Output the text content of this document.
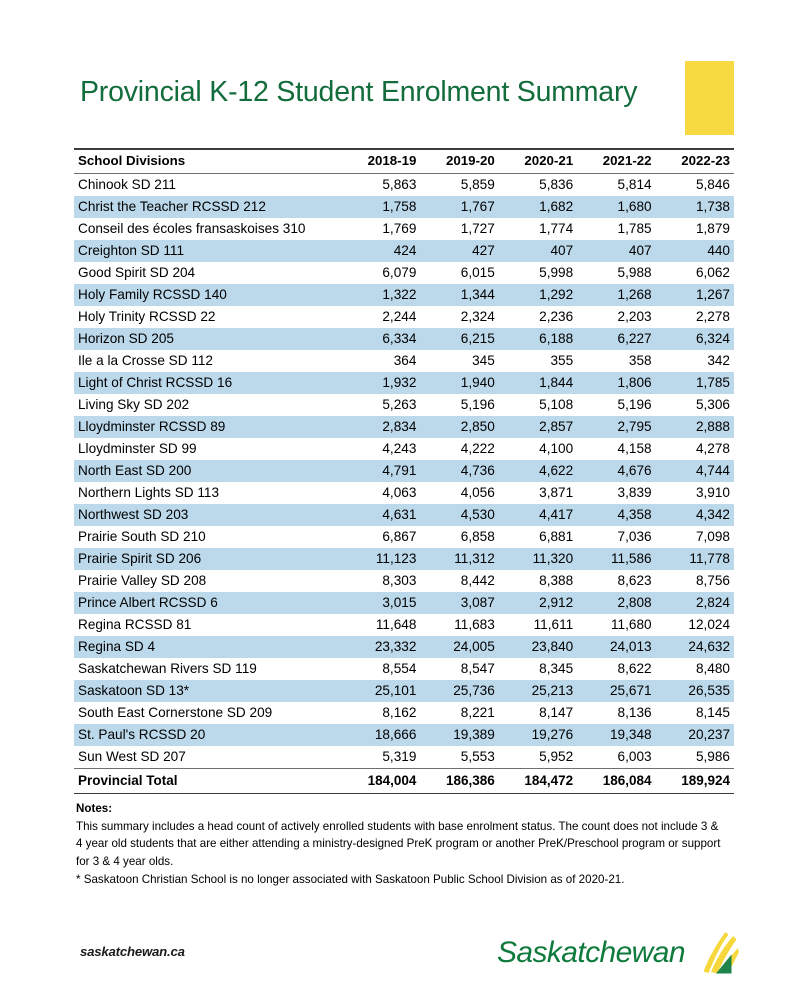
Provincial K-12 Student Enrolment Summary
School Divisions	2018-19	2019-20	2020-21	2021-22	2022-23
Chinook SD 211	5,863	5,859	5,836	5,814	5,846
Christ the Teacher RCSSD 212	1,758	1,767	1,682	1,680	1,738
Conseil des écoles fransaskoises 310	1,769	1,727	1,774	1,785	1,879
Creighton SD 111	424	427	407	407	440
Good Spirit SD 204	6,079	6,015	5,998	5,988	6,062
Holy Family RCSSD 140	1,322	1,344	1,292	1,268	1,267
Holy Trinity RCSSD 22	2,244	2,324	2,236	2,203	2,278
Horizon SD 205	6,334	6,215	6,188	6,227	6,324
Ile a la Crosse SD 112	364	345	355	358	342
Light of Christ RCSSD 16	1,932	1,940	1,844	1,806	1,785
Living Sky SD 202	5,263	5,196	5,108	5,196	5,306
Lloydminster RCSSD 89	2,834	2,850	2,857	2,795	2,888
Lloydminster SD 99	4,243	4,222	4,100	4,158	4,278
North East SD 200	4,791	4,736	4,622	4,676	4,744
Northern Lights SD 113	4,063	4,056	3,871	3,839	3,910
Northwest SD 203	4,631	4,530	4,417	4,358	4,342
Prairie South SD 210	6,867	6,858	6,881	7,036	7,098
Prairie Spirit SD 206	11,123	11,312	11,320	11,586	11,778
Prairie Valley SD 208	8,303	8,442	8,388	8,623	8,756
Prince Albert RCSSD 6	3,015	3,087	2,912	2,808	2,824
Regina RCSSD 81	11,648	11,683	11,611	11,680	12,024
Regina SD 4	23,332	24,005	23,840	24,013	24,632
Saskatchewan Rivers SD 119	8,554	8,547	8,345	8,622	8,480
Saskatoon SD 13*	25,101	25,736	25,213	25,671	26,535
South East Cornerstone SD 209	8,162	8,221	8,147	8,136	8,145
St. Paul's RCSSD 20	18,666	19,389	19,276	19,348	20,237
Sun West SD 207	5,319	5,553	5,952	6,003	5,986
Provincial Total	184,004	186,386	184,472	186,084	189,924
Notes:

This summary includes a head count of actively enrolled students with base enrolment status. The count does not include 3 & 4 year old students that are either attending a ministry-designed PreK program or another PreK/Preschool program or support for 3 & 4 year olds.

* Saskatoon Christian School is no longer associated with Saskatoon Public School Division as of 2020-21.

saskatchewan.ca	Saskatchewan
